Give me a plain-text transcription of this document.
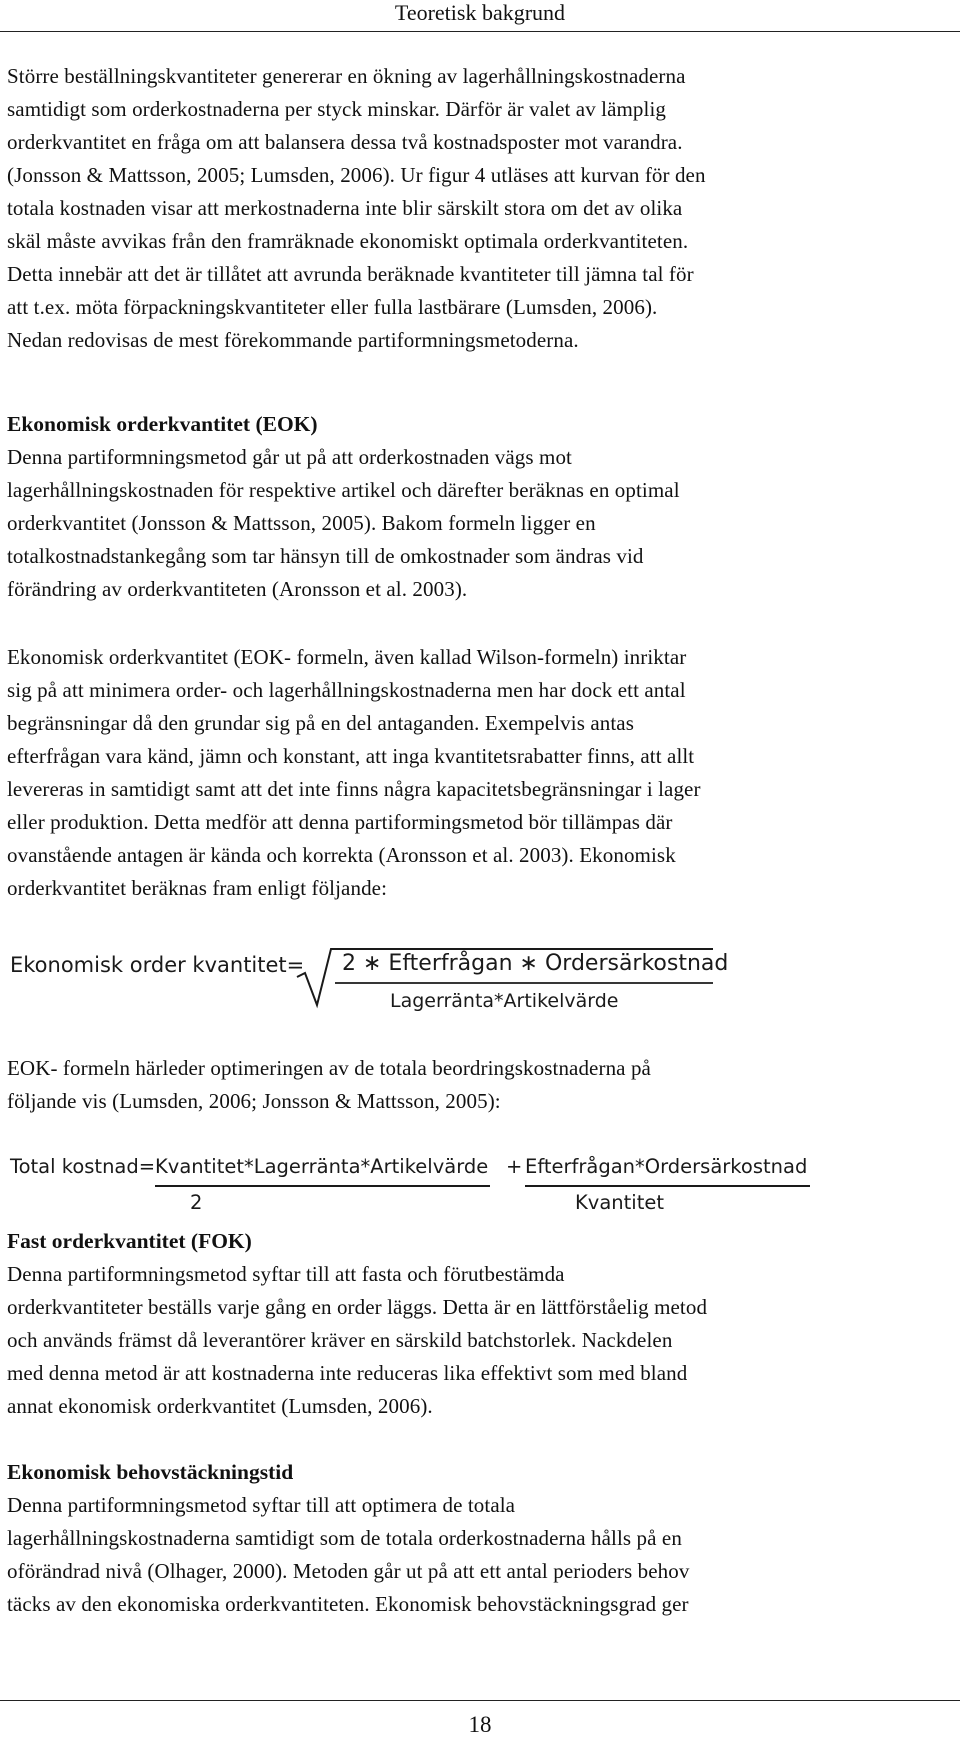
Teoretisk bakgrund
Större beställningskvantiteter genererar en ökning av lagerhållningskostnaderna
samtidigt som orderkostnaderna per styck minskar. Därför är valet av lämplig
orderkvantitet en fråga om att balansera dessa två kostnadsposter mot varandra.
(Jonsson & Mattsson, 2005; Lumsden, 2006). Ur figur 4 utläses att kurvan för den
totala kostnaden visar att merkostnaderna inte blir särskilt stora om det av olika
skäl måste avvikas från den framräknade ekonomiskt optimala orderkvantiteten.
Detta innebär att det är tillåtet att avrunda beräknade kvantiteter till jämna tal för
att t.ex. möta förpackningskvantiteter eller fulla lastbärare (Lumsden, 2006).
Nedan redovisas de mest förekommande partiformningsmetoderna.
Ekonomisk orderkvantitet (EOK)
Denna partiformningsmetod går ut på att orderkostnaden vägs mot
lagerhållningskostnaden för respektive artikel och därefter beräknas en optimal
orderkvantitet (Jonsson & Mattsson, 2005). Bakom formeln ligger en
totalkostnadstankegång som tar hänsyn till de omkostnader som ändras vid
förändring av orderkvantiteten (Aronsson et al. 2003).
Ekonomisk orderkvantitet (EOK- formeln, även kallad Wilson-formeln) inriktar
sig på att minimera order- och lagerhållningskostnaderna men har dock ett antal
begränsningar då den grundar sig på en del antaganden. Exempelvis antas
efterfrågan vara känd, jämn och konstant, att inga kvantitetsrabatter finns, att allt
levereras in samtidigt samt att det inte finns några kapacitetsbegränsningar i lager
eller produktion. Detta medför att denna partiformingsmetod bör tillämpas där
ovanstående antagen är kända och korrekta (Aronsson et al. 2003). Ekonomisk
orderkvantitet beräknas fram enligt följande:
Ekonomisk order kvantitet= 2 ∗ Efterfrågan ∗ Ordersärkostnad
Lagerränta*Artikelvärde
EOK- formeln härleder optimeringen av de totala beordringskostnaderna på
följande vis (Lumsden, 2006; Jonsson & Mattsson, 2005):
Total kostnad= Kvantitet*Lagerränta*Artikelvärde
2
+ Efterfrågan*Ordersärkostnad
Kvantitet
Fast orderkvantitet (FOK)
Denna partiformningsmetod syftar till att fasta och förutbestämda
orderkvantiteter beställs varje gång en order läggs. Detta är en lättförståelig metod
och används främst då leverantörer kräver en särskild batchstorlek. Nackdelen
med denna metod är att kostnaderna inte reduceras lika effektivt som med bland
annat ekonomisk orderkvantitet (Lumsden, 2006).
Ekonomisk behovstäckningstid
Denna partiformningsmetod syftar till att optimera de totala
lagerhållningskostnaderna samtidigt som de totala orderkostnaderna hålls på en
oförändrad nivå (Olhager, 2000). Metoden går ut på att ett antal perioders behov
täcks av den ekonomiska orderkvantiteten. Ekonomisk behovstäckningsgrad ger
18
